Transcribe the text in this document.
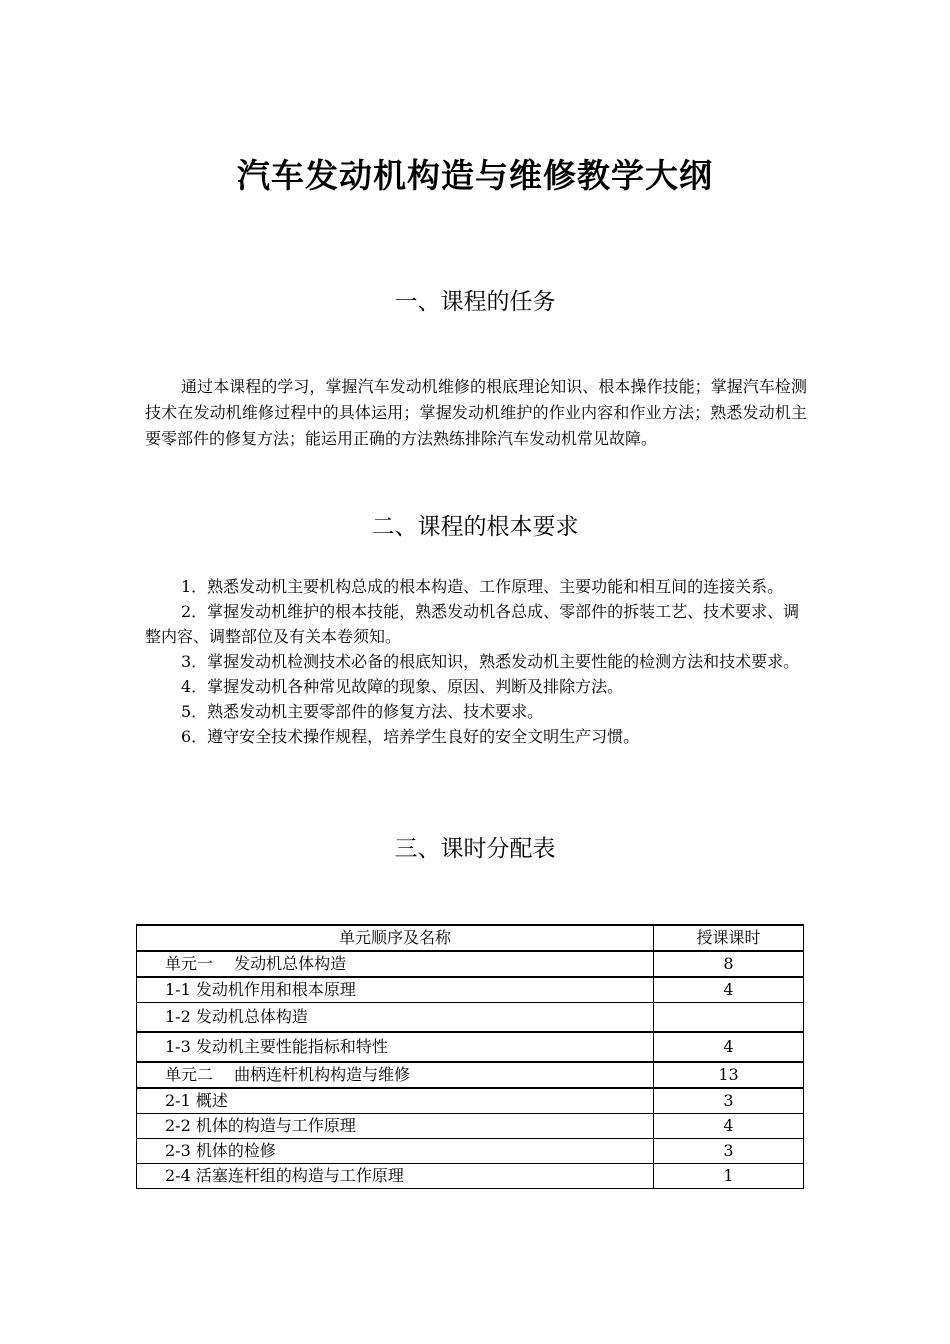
汽车发动机构造与维修教学大纲
一、课程的任务

通过本课程的学习，掌握汽车发动机维修的根底理论知识、根本操作技能；掌握汽车检测技术在发动机维修过程中的具体运用；掌握发动机维护的作业内容和作业方法；熟悉发动机主要零部件的修复方法；能运用正确的方法熟练排除汽车发动机常见故障。

二、课程的根本要求

1．熟悉发动机主要机构总成的根本构造、工作原理、主要功能和相互间的连接关系。

2．掌握发动机维护的根本技能，熟悉发动机各总成、零部件的拆装工艺、技术要求、调整内容、调整部位及有关本卷须知。

3．掌握发动机检测技术必备的根底知识，熟悉发动机主要性能的检测方法和技术要求。

4．掌握发动机各种常见故障的现象、原因、判断及排除方法。

5．熟悉发动机主要零部件的修复方法、技术要求。

6．遵守安全技术操作规程，培养学生良好的安全文明生产习惯。

三、课时分配表
单元顺序及名称	授课课时
单元一　 发动机总体构造	8
1-1 发动机作用和根本原理	4
1-2 发动机总体构造	
1-3 发动机主要性能指标和特性	4
单元二　 曲柄连杆机构构造与维修	13
2-1 概述	3
2-2 机体的构造与工作原理	4
2-3 机体的检修	3
2-4 活塞连杆组的构造与工作原理	1
